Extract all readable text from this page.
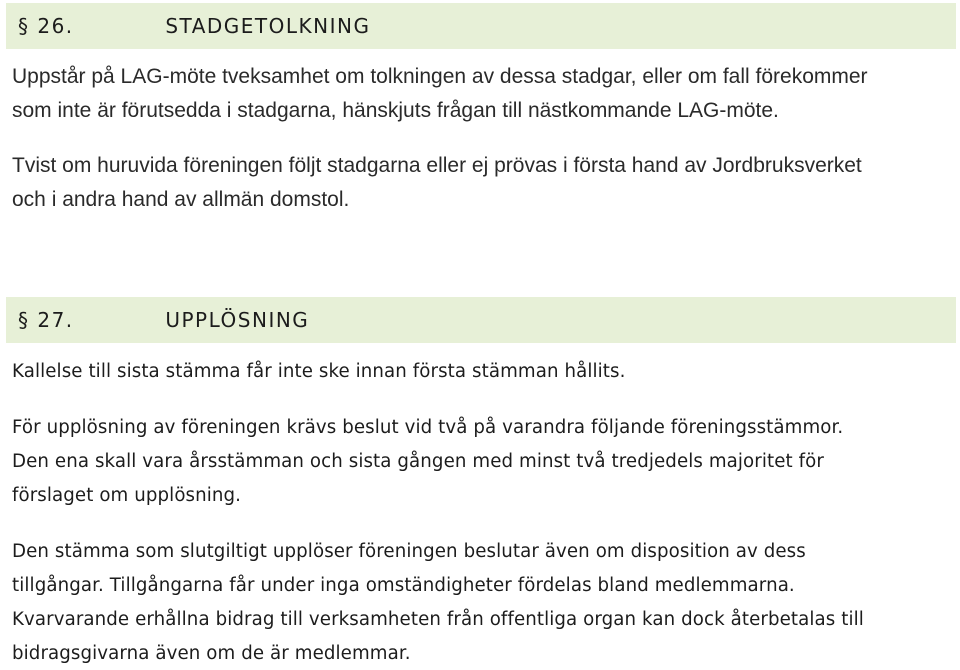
§ 26.	STADGETOLKNING

Uppstår på LAG-möte tveksamhet om tolkningen av dessa stadgar, eller om fall förekommer
som inte är förutsedda i stadgarna, hänskjuts frågan till nästkommande LAG-möte.

Tvist om huruvida föreningen följt stadgarna eller ej prövas i första hand av Jordbruksverket
och i andra hand av allmän domstol.

§ 27.	UPPLÖSNING

Kallelse till sista stämma får inte ske innan första stämman hållits.

För upplösning av föreningen krävs beslut vid två på varandra följande föreningsstämmor.
Den ena skall vara årsstämman och sista gången med minst två tredjedels majoritet för
förslaget om upplösning.

Den stämma som slutgiltigt upplöser föreningen beslutar även om disposition av dess
tillgångar. Tillgångarna får under inga omständigheter fördelas bland medlemmarna.
Kvarvarande erhållna bidrag till verksamheten från offentliga organ kan dock återbetalas till
bidragsgivarna även om de är medlemmar.
